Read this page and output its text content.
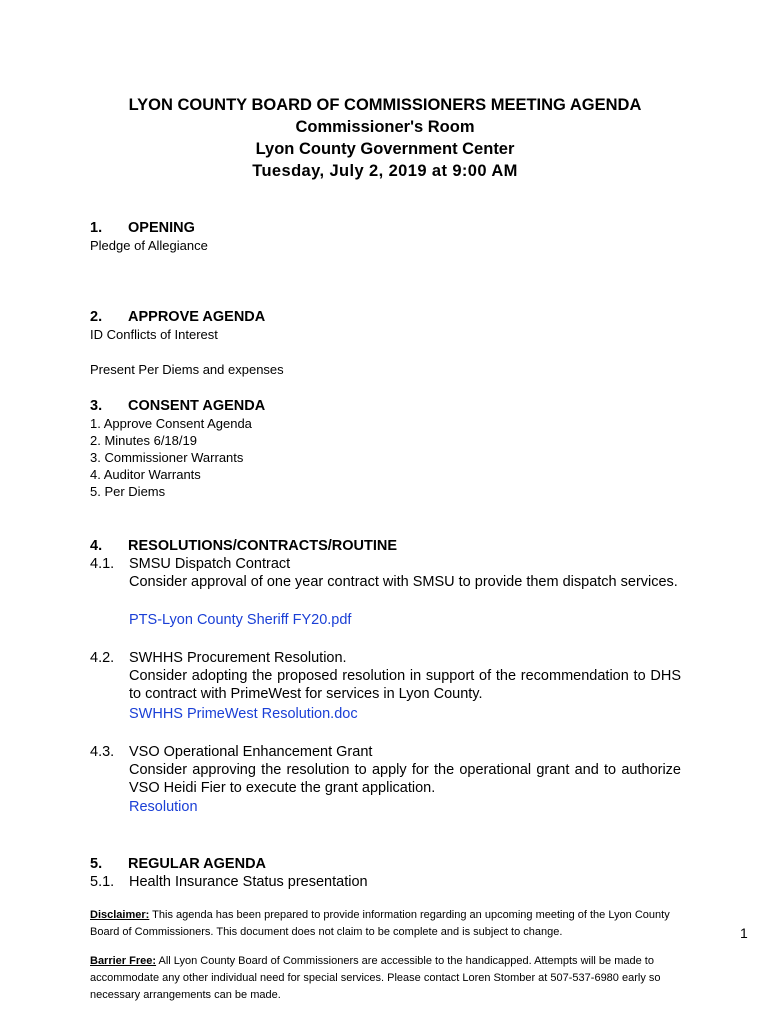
LYON COUNTY BOARD OF COMMISSIONERS MEETING AGENDA
Commissioner's Room
Lyon County Government Center
Tuesday, July 2, 2019 at 9:00 AM
1. OPENING
Pledge of Allegiance
2. APPROVE AGENDA
ID Conflicts of Interest
Present Per Diems and expenses
3. CONSENT AGENDA
1. Approve Consent Agenda
2. Minutes 6/18/19
3. Commissioner Warrants
4. Auditor Warrants
5. Per Diems
4. RESOLUTIONS/CONTRACTS/ROUTINE
4.1. SMSU Dispatch Contract
Consider approval of one year contract with SMSU to provide them dispatch services.
PTS-Lyon County Sheriff FY20.pdf
4.2. SWHHS Procurement Resolution.
Consider adopting the proposed resolution in support of the recommendation to DHS to contract with PrimeWest for services in Lyon County.
SWHHS PrimeWest Resolution.doc
4.3. VSO Operational Enhancement Grant
Consider approving the resolution to apply for the operational grant and to authorize VSO Heidi Fier to execute the grant application.
Resolution
5. REGULAR AGENDA
5.1. Health Insurance Status presentation
Disclaimer: This agenda has been prepared to provide information regarding an upcoming meeting of the Lyon County Board of Commissioners. This document does not claim to be complete and is subject to change.
Barrier Free: All Lyon County Board of Commissioners are accessible to the handicapped. Attempts will be made to accommodate any other individual need for special services. Please contact Loren Stomber at 507-537-6980 early so necessary arrangements can be made.
1
